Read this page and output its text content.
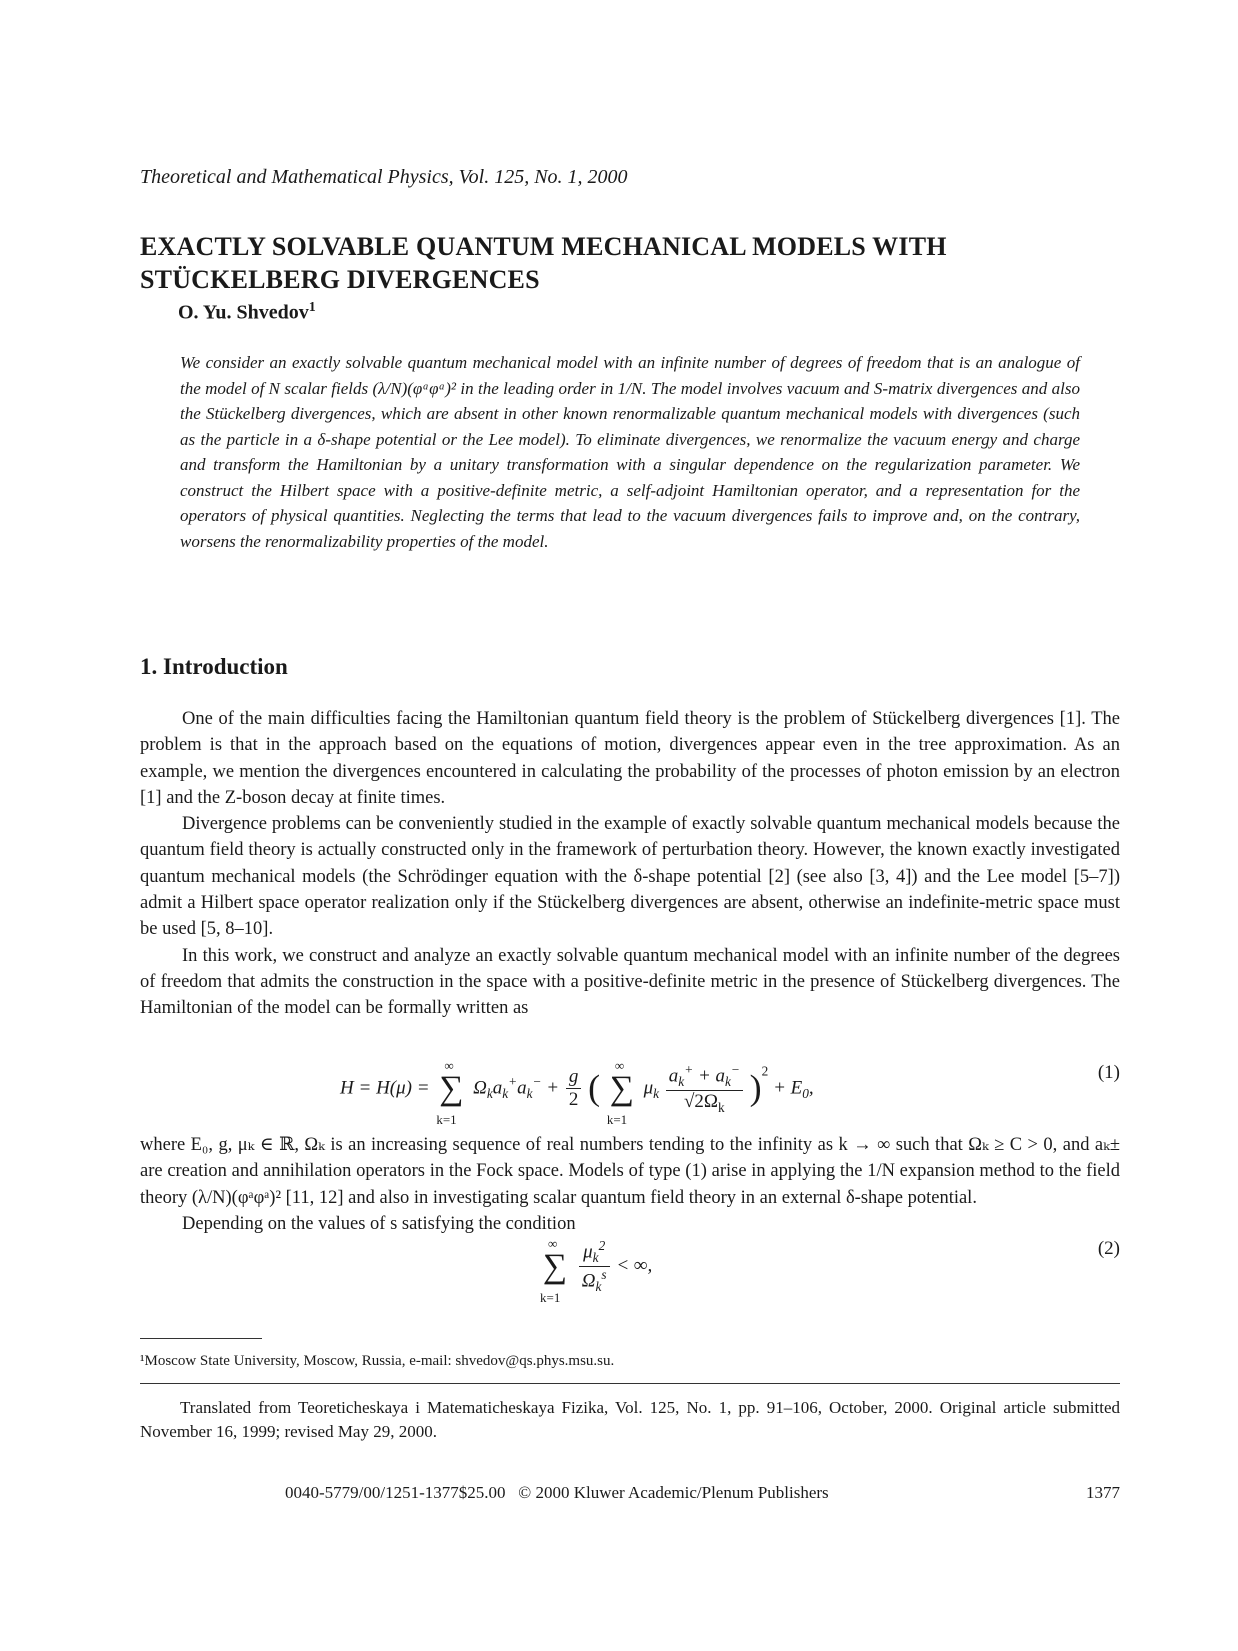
Theoretical and Mathematical Physics, Vol. 125, No. 1, 2000
EXACTLY SOLVABLE QUANTUM MECHANICAL MODELS WITH
STÜCKELBERG DIVERGENCES
O. Yu. Shvedov$^1$
We consider an exactly solvable quantum mechanical model with an infinite number of degrees of freedom that is an analogue of the model of N scalar fields (λ/N)(φᵃφᵃ)² in the leading order in 1/N. The model involves vacuum and S-matrix divergences and also the Stückelberg divergences, which are absent in other known renormalizable quantum mechanical models with divergences (such as the particle in a δ-shape potential or the Lee model). To eliminate divergences, we renormalize the vacuum energy and charge and transform the Hamiltonian by a unitary transformation with a singular dependence on the regularization parameter. We construct the Hilbert space with a positive-definite metric, a self-adjoint Hamiltonian operator, and a representation for the operators of physical quantities. Neglecting the terms that lead to the vacuum divergences fails to improve and, on the contrary, worsens the renormalizability properties of the model.
1. Introduction

One of the main difficulties facing the Hamiltonian quantum field theory is the problem of Stückelberg divergences [1]. The problem is that in the approach based on the equations of motion, divergences appear even in the tree approximation. As an example, we mention the divergences encountered in calculating the probability of the processes of photon emission by an electron [1] and the Z-boson decay at finite times.

Divergence problems can be conveniently studied in the example of exactly solvable quantum mechanical models because the quantum field theory is actually constructed only in the framework of perturbation theory. However, the known exactly investigated quantum mechanical models (the Schrödinger equation with the δ-shape potential [2] (see also [3, 4]) and the Lee model [5–7]) admit a Hilbert space operator realization only if the Stückelberg divergences are absent, otherwise an indefinite-metric space must be used [5, 8–10].

In this work, we construct and analyze an exactly solvable quantum mechanical model with an infinite number of the degrees of freedom that admits the construction in the space with a positive-definite metric in the presence of Stückelberg divergences. The Hamiltonian of the model can be formally written as

H = H(μ) =
∞
∑
k=1
$\Omega_ka_k^+a_k^- + \frac{g}{2}$ (
∞
∑
k=1
$\mu_k \frac{a_k^+ + a_k^-}{√2\Omega_k} )^2 + E_0$,
(1)

where E₀, g, μₖ ∈ ℝ, Ωₖ is an increasing sequence of real numbers tending to the infinity as k → ∞ such that Ωₖ ≥ C > 0, and aₖ± are creation and annihilation operators in the Fock space. Models of type (1) arise in applying the 1/N expansion method to the field theory (λ/N)(φᵃφᵃ)² [11, 12] and also in investigating scalar quantum field theory in an external δ-shape potential.

Depending on the values of s satisfying the condition

∞
∑
k=1

$\frac{\mu_k^2}{\Omega_k^s}$ < ∞,
(2)
¹Moscow State University, Moscow, Russia, e-mail: shvedov@qs.phys.msu.su.
Translated from Teoreticheskaya i Matematicheskaya Fizika, Vol. 125, No. 1, pp. 91–106, October, 2000. Original article submitted November 16, 1999; revised May 29, 2000.
0040-5779/00/1251-1377$25.00 © 2000 Kluwer Academic/Plenum Publishers	1377
